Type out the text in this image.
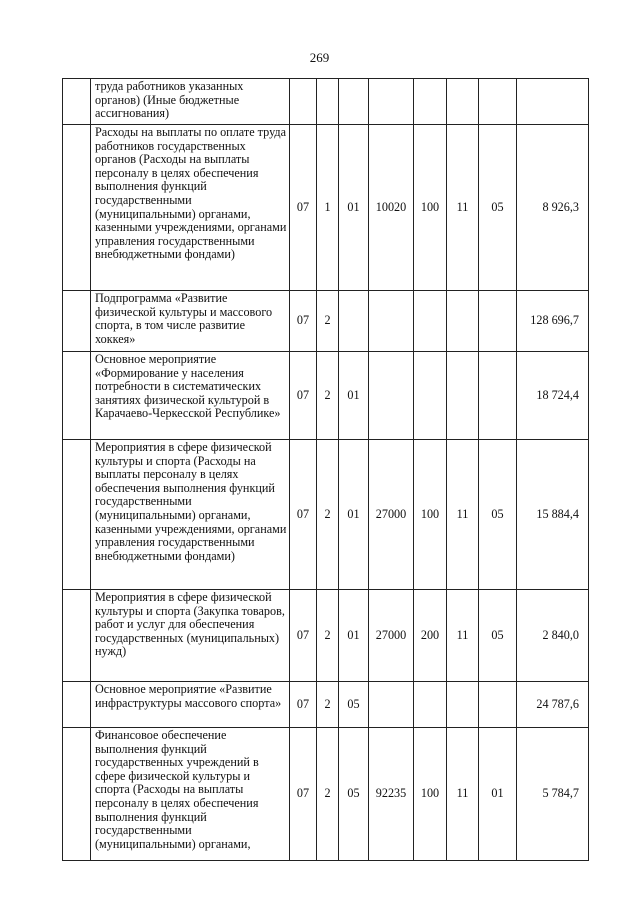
269
	труда работников указанных органов) (Иные бюджетные ассигнования)								
	Расходы на выплаты по оплате труда работников государственных органов (Расходы на выплаты персоналу в целях обеспечения выполнения функций государственными (муниципальными) органами, казенными учреждениями, органами управления государственными внебюджетными фондами)	07	1	01	10020	100	11	05	8 926,3
	Подпрограмма «Развитие физической культуры и массового спорта, в том числе развитие хоккея»	07	2						128 696,7
	Основное мероприятие «Формирование у населения потребности в систематических занятиях физической культурой в Карачаево-Черкесской Республике»	07	2	01					18 724,4
	Мероприятия в сфере физической культуры и спорта (Расходы на выплаты персоналу в целях обеспечения выполнения функций государственными (муниципальными) органами, казенными учреждениями, органами управления государственными внебюджетными фондами)	07	2	01	27000	100	11	05	15 884,4
	Мероприятия в сфере физической культуры и спорта (Закупка товаров, работ и услуг для обеспечения государственных (муниципальных) нужд)	07	2	01	27000	200	11	05	2 840,0
	Основное мероприятие «Развитие инфраструктуры массового спорта»	07	2	05					24 787,6
	Финансовое обеспечение выполнения функций государственных учреждений в сфере физической культуры и спорта (Расходы на выплаты персоналу в целях обеспечения выполнения функций государственными (муниципальными) органами,	07	2	05	92235	100	11	01	5 784,7
